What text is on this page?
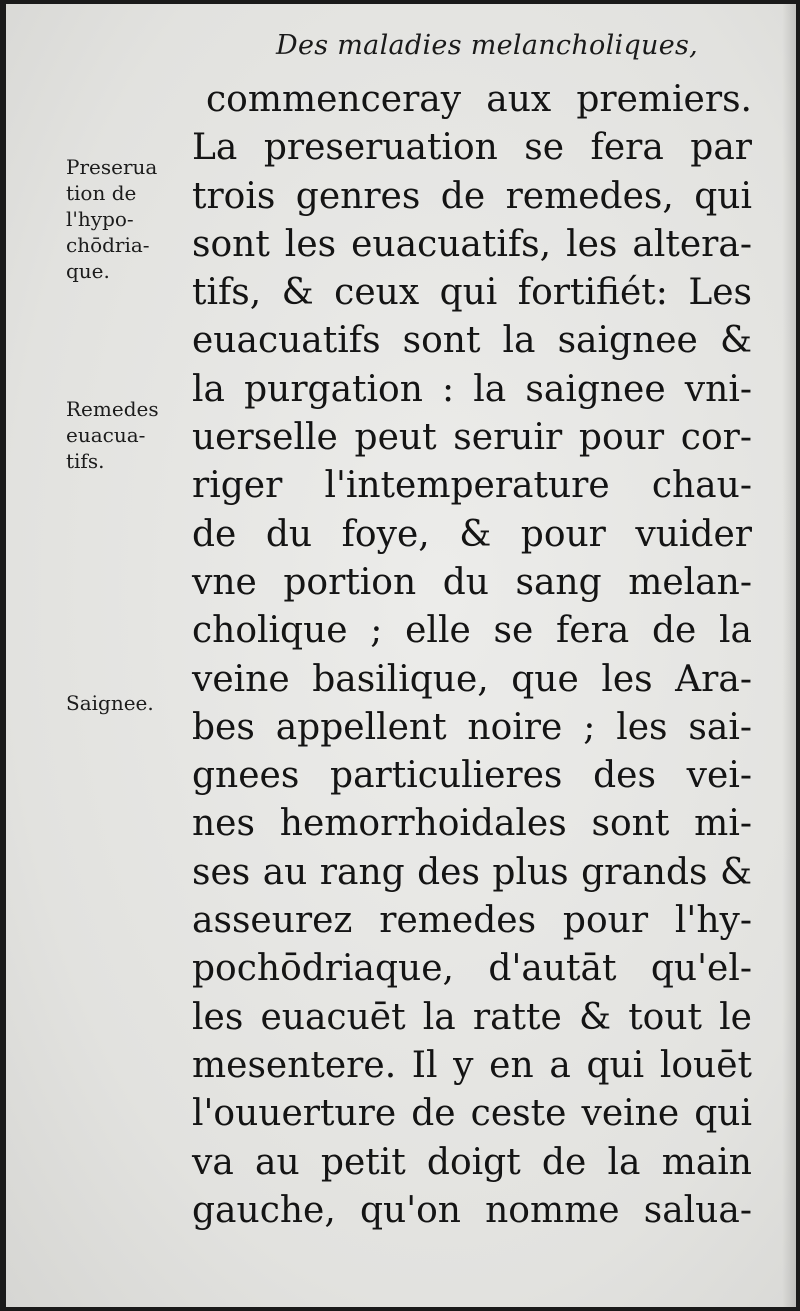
Des maladies melancholiques,
commenceray aux premiers.
La preseruation se fera par
trois genres de remedes, qui
sont les euacuatifs, les altera-
tifs, & ceux qui fortifiét: Les
euacuatifs sont la saignee &
la purgation : la saignee vni-
uerselle peut seruir pour cor-
riger l'intemperature chau-
de du foye, & pour vuider
vne portion du sang melan-
cholique ; elle se fera de la
veine basilique, que les Ara-
bes appellent noire ; les sai-
gnees particulieres des vei-
nes hemorrhoidales sont mi-
ses au rang des plus grands &
asseurez remedes pour l'hy-
pochōdriaque, d'autāt qu'el-
les euacuēt la ratte & tout le
mesentere. Il y en a qui louēt
l'ouuerture de ceste veine qui
va au petit doigt de la main
gauche, qu'on nomme salua-
Preserua
tion de
l'hypo-
chōdria-
que.
Remedes
euacua-
tifs.
Saignee.
